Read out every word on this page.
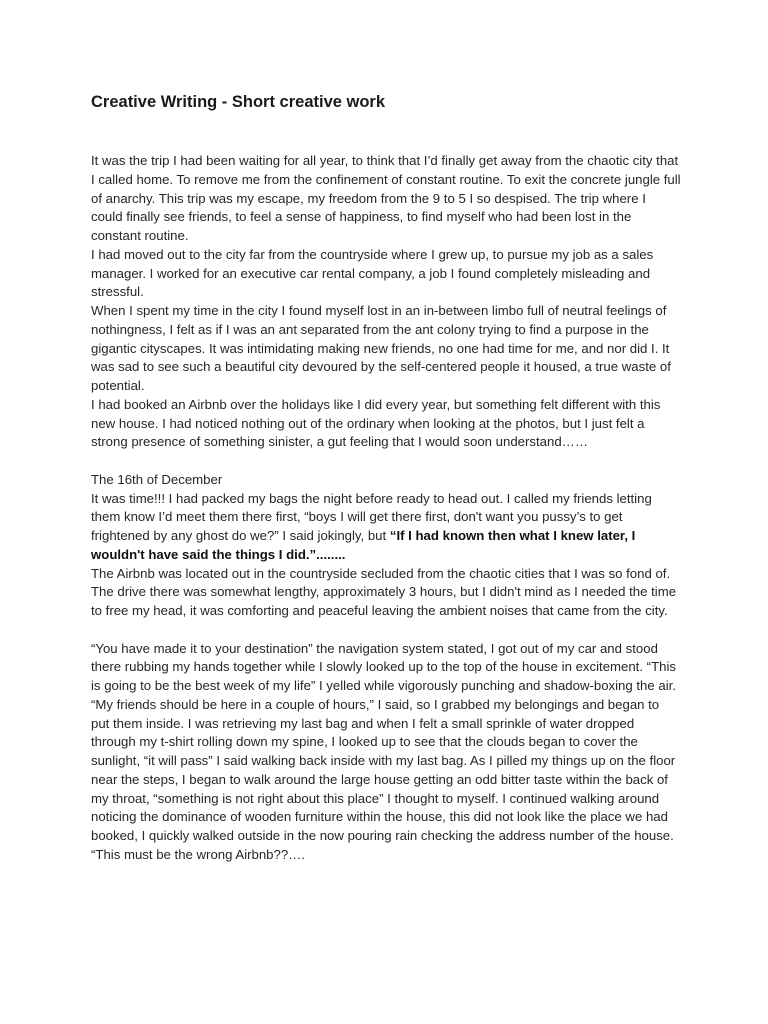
Creative Writing - Short creative work

It was the trip I had been waiting for all year, to think that I’d finally get away from the chaotic city that I called home. To remove me from the confinement of constant routine. To exit the concrete jungle full of anarchy. This trip was my escape, my freedom from the 9 to 5 I so despised. The trip where I could finally see friends, to feel a sense of happiness, to find myself who had been lost in the constant routine.

I had moved out to the city far from the countryside where I grew up, to pursue my job as a sales manager. I worked for an executive car rental company, a job I found completely misleading and stressful.

When I spent my time in the city I found myself lost in an in-between limbo full of neutral feelings of nothingness, I felt as if I was an ant separated from the ant colony trying to find a purpose in the gigantic cityscapes. It was intimidating making new friends, no one had time for me, and nor did I. It was sad to see such a beautiful city devoured by the self-centered people it housed, a true waste of potential.

I had booked an Airbnb over the holidays like I did every year, but something felt different with this new house. I had noticed nothing out of the ordinary when looking at the photos, but I just felt a strong presence of something sinister, a gut feeling that I would soon understand……

The 16th of December

It was time!!! I had packed my bags the night before ready to head out. I called my friends letting them know I’d meet them there first, “boys I will get there first, don't want you pussy’s to get frightened by any ghost do we?” I said jokingly, but “If I had known then what I knew later, I wouldn't have said the things I did.”........

The Airbnb was located out in the countryside secluded from the chaotic cities that I was so fond of. The drive there was somewhat lengthy, approximately 3 hours, but I didn't mind as I needed the time to free my head, it was comforting and peaceful leaving the ambient noises that came from the city.

“You have made it to your destination” the navigation system stated, I got out of my car and stood there rubbing my hands together while I slowly looked up to the top of the house in excitement. “This is going to be the best week of my life” I yelled while vigorously punching and shadow-boxing the air. “My friends should be here in a couple of hours,” I said, so I grabbed my belongings and began to put them inside. I was retrieving my last bag and when I felt a small sprinkle of water dropped through my t-shirt rolling down my spine, I looked up to see that the clouds began to cover the sunlight, “it will pass” I said walking back inside with my last bag. As I pilled my things up on the floor near the steps, I began to walk around the large house getting an odd bitter taste within the back of my throat, “something is not right about this place” I thought to myself. I continued walking around noticing the dominance of wooden furniture within the house, this did not look like the place we had booked, I quickly walked outside in the now pouring rain checking the address number of the house. “This must be the wrong Airbnb??….
